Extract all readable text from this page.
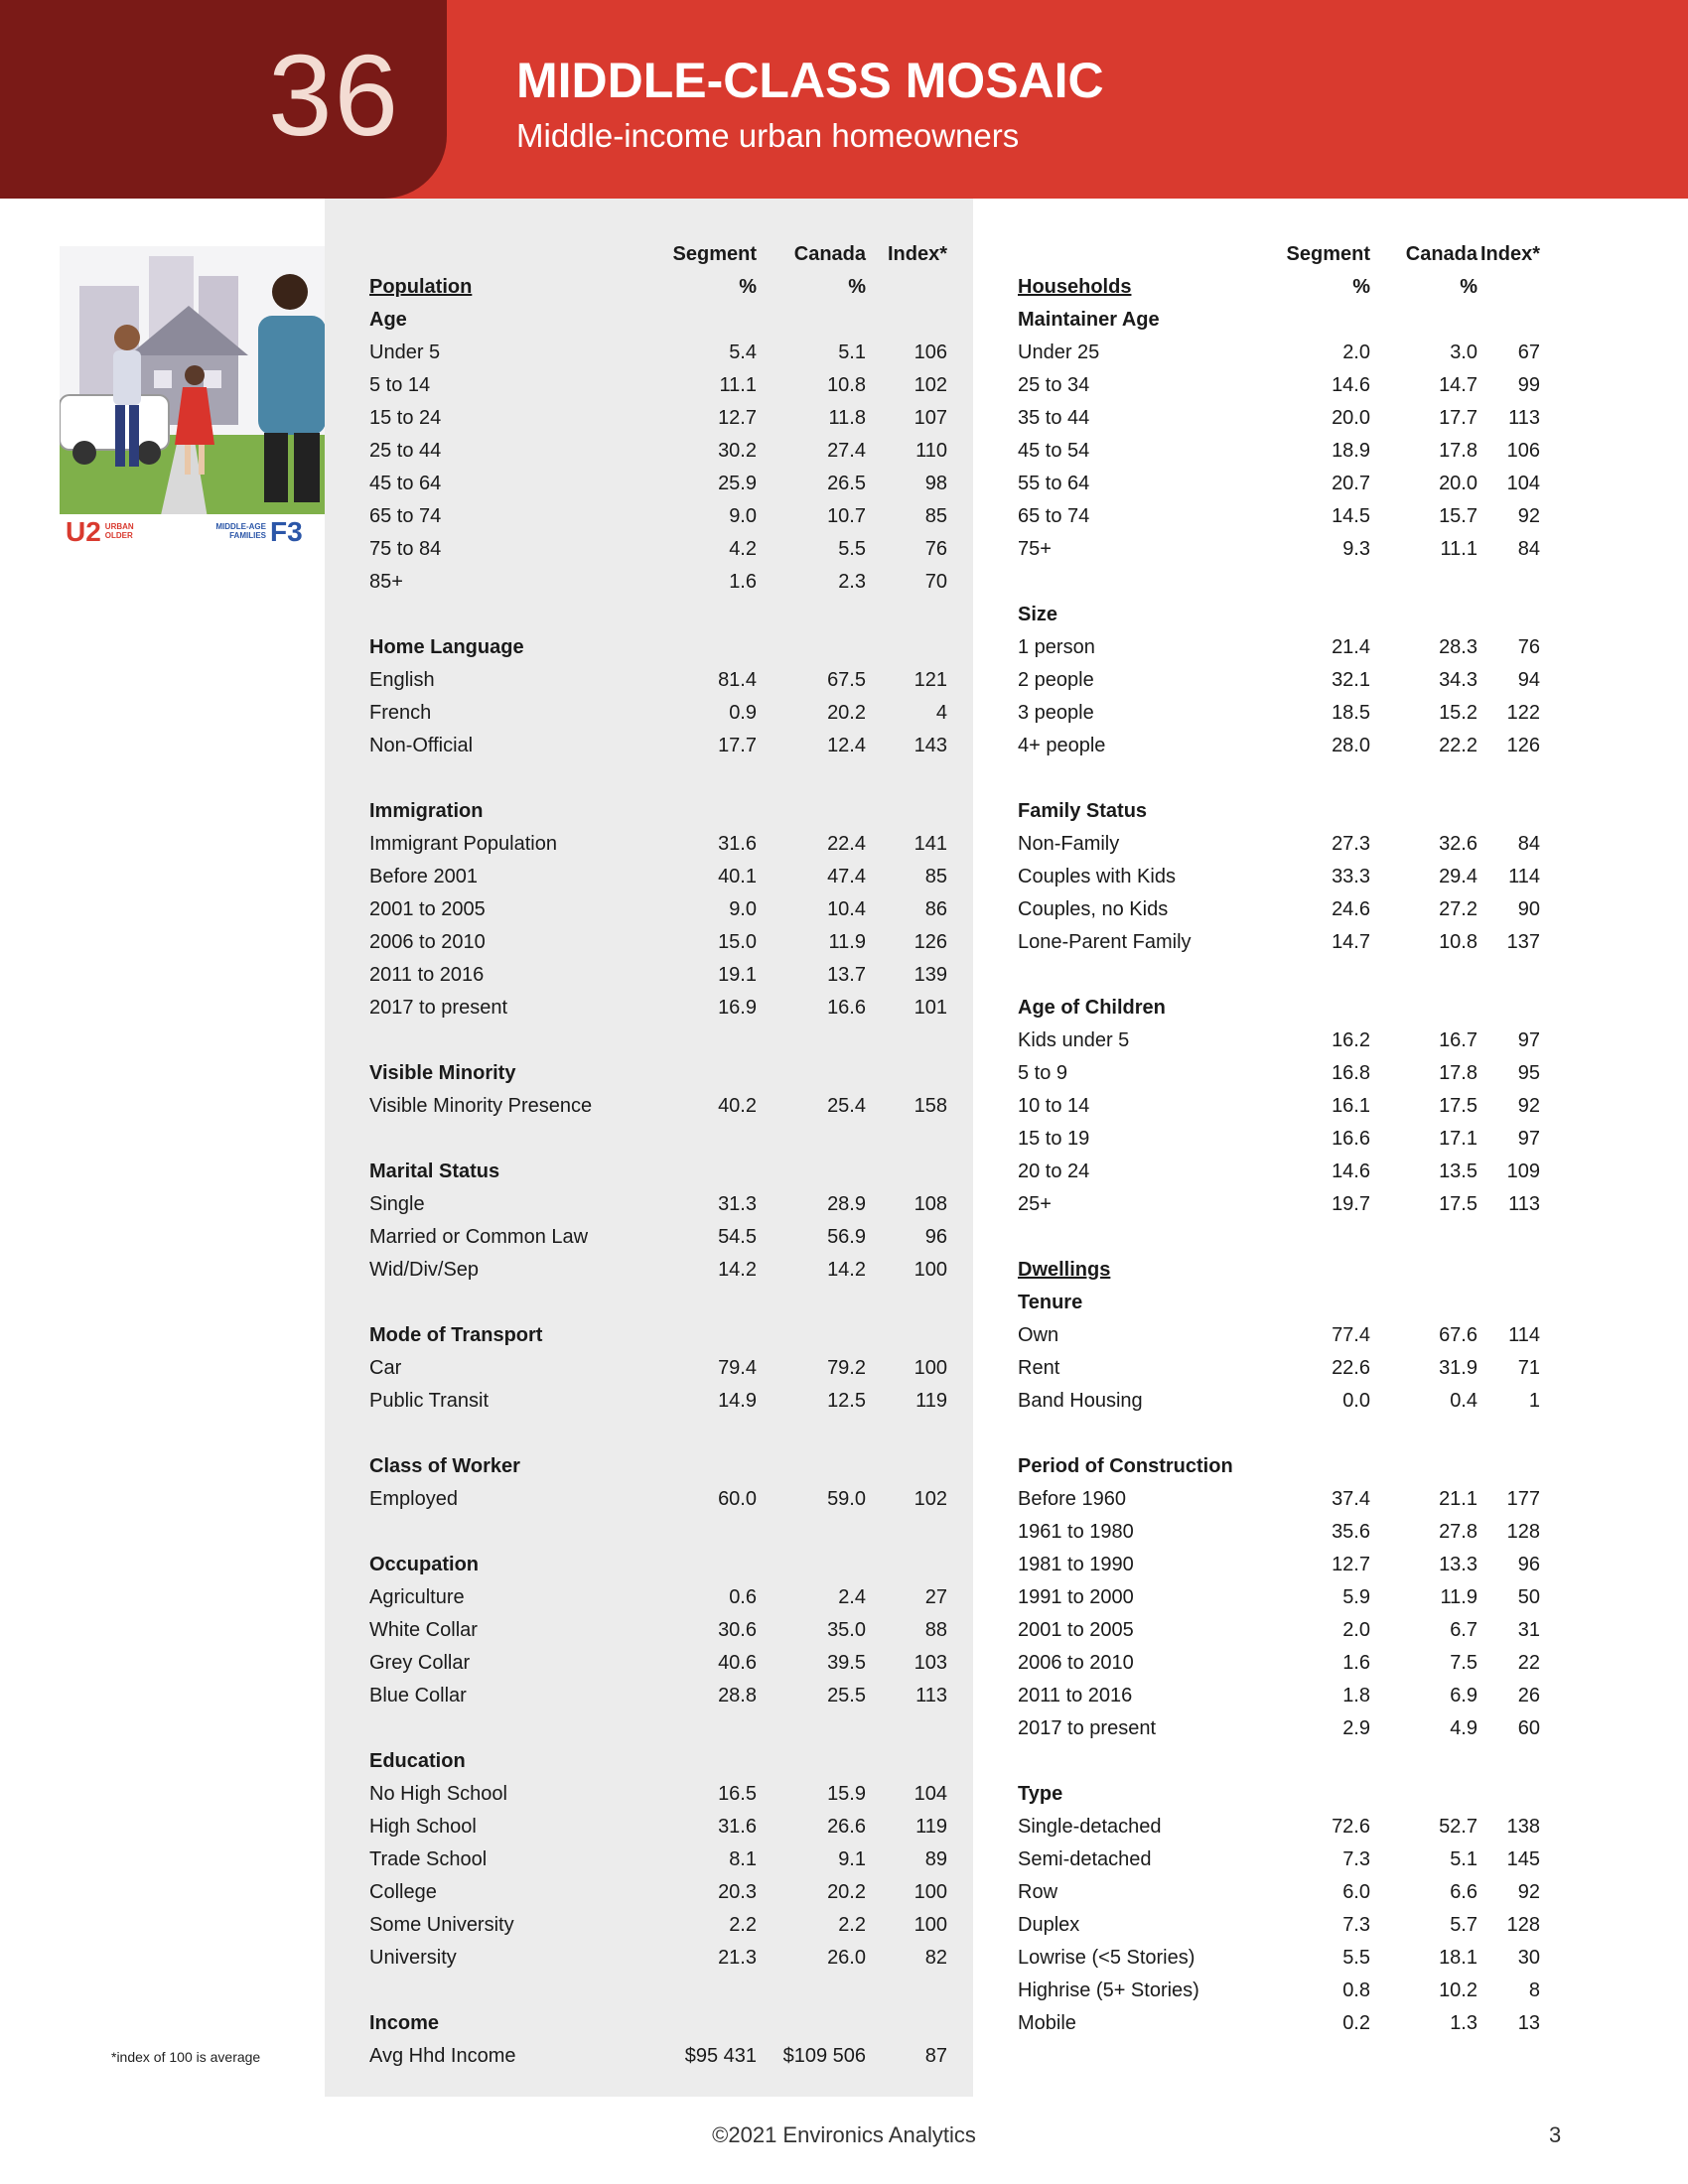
36 MIDDLE-CLASS MOSAIC
Middle-income urban homeowners
U2 URBAN OLDER
MIDDLE-AGE FAMILIES F3
Segment	Canada	Index*
Population	%	%
Age
Under 5	5.4	5.1	106
5 to 14	11.1	10.8	102
15 to 24	12.7	11.8	107
25 to 44	30.2	27.4	110
45 to 64	25.9	26.5	98
65 to 74	9.0	10.7	85
75 to 84	4.2	5.5	76
85+	1.6	2.3	70
Home Language
English	81.4	67.5	121
French	0.9	20.2	4
Non-Official	17.7	12.4	143
Immigration
Immigrant Population	31.6	22.4	141
Before 2001	40.1	47.4	85
2001 to 2005	9.0	10.4	86
2006 to 2010	15.0	11.9	126
2011 to 2016	19.1	13.7	139
2017 to present	16.9	16.6	101
Visible Minority
Visible Minority Presence	40.2	25.4	158
Marital Status
Single	31.3	28.9	108
Married or Common Law	54.5	56.9	96
Wid/Div/Sep	14.2	14.2	100
Mode of Transport
Car	79.4	79.2	100
Public Transit	14.9	12.5	119
Class of Worker
Employed	60.0	59.0	102
Occupation
Agriculture	0.6	2.4	27
White Collar	30.6	35.0	88
Grey Collar	40.6	39.5	103
Blue Collar	28.8	25.5	113
Education
No High School	16.5	15.9	104
High School	31.6	26.6	119
Trade School	8.1	9.1	89
College	20.3	20.2	100
Some University	2.2	2.2	100
University	21.3	26.0	82
Income
Avg Hhd Income	$95 431	$109 506	87
Segment	Canada Index*
Households	%	%
Maintainer Age
Under 25	2.0	3.0	67
25 to 34	14.6	14.7	99
35 to 44	20.0	17.7	113
45 to 54	18.9	17.8	106
55 to 64	20.7	20.0	104
65 to 74	14.5	15.7	92
75+	9.3	11.1	84
Size
1 person	21.4	28.3	76
2 people	32.1	34.3	94
3 people	18.5	15.2	122
4+ people	28.0	22.2	126
Family Status
Non-Family	27.3	32.6	84
Couples with Kids	33.3	29.4	114
Couples, no Kids	24.6	27.2	90
Lone-Parent Family	14.7	10.8	137
Age of Children
Kids under 5	16.2	16.7	97
5 to 9	16.8	17.8	95
10 to 14	16.1	17.5	92
15 to 19	16.6	17.1	97
20 to 24	14.6	13.5	109
25+	19.7	17.5	113
Dwellings
Tenure
Own	77.4	67.6	114
Rent	22.6	31.9	71
Band Housing	0.0	0.4	1
Period of Construction
Before 1960	37.4	21.1	177
1961 to 1980	35.6	27.8	128
1981 to 1990	12.7	13.3	96
1991 to 2000	5.9	11.9	50
2001 to 2005	2.0	6.7	31
2006 to 2010	1.6	7.5	22
2011 to 2016	1.8	6.9	26
2017 to present	2.9	4.9	60
Type
Single-detached	72.6	52.7	138
Semi-detached	7.3	5.1	145
Row	6.0	6.6	92
Duplex	7.3	5.7	128
Lowrise (<5 Stories)	5.5	18.1	30
Highrise (5+ Stories)	0.8	10.2	8
Mobile	0.2	1.3	13
*index of 100 is average
©2021 Environics Analytics	3
